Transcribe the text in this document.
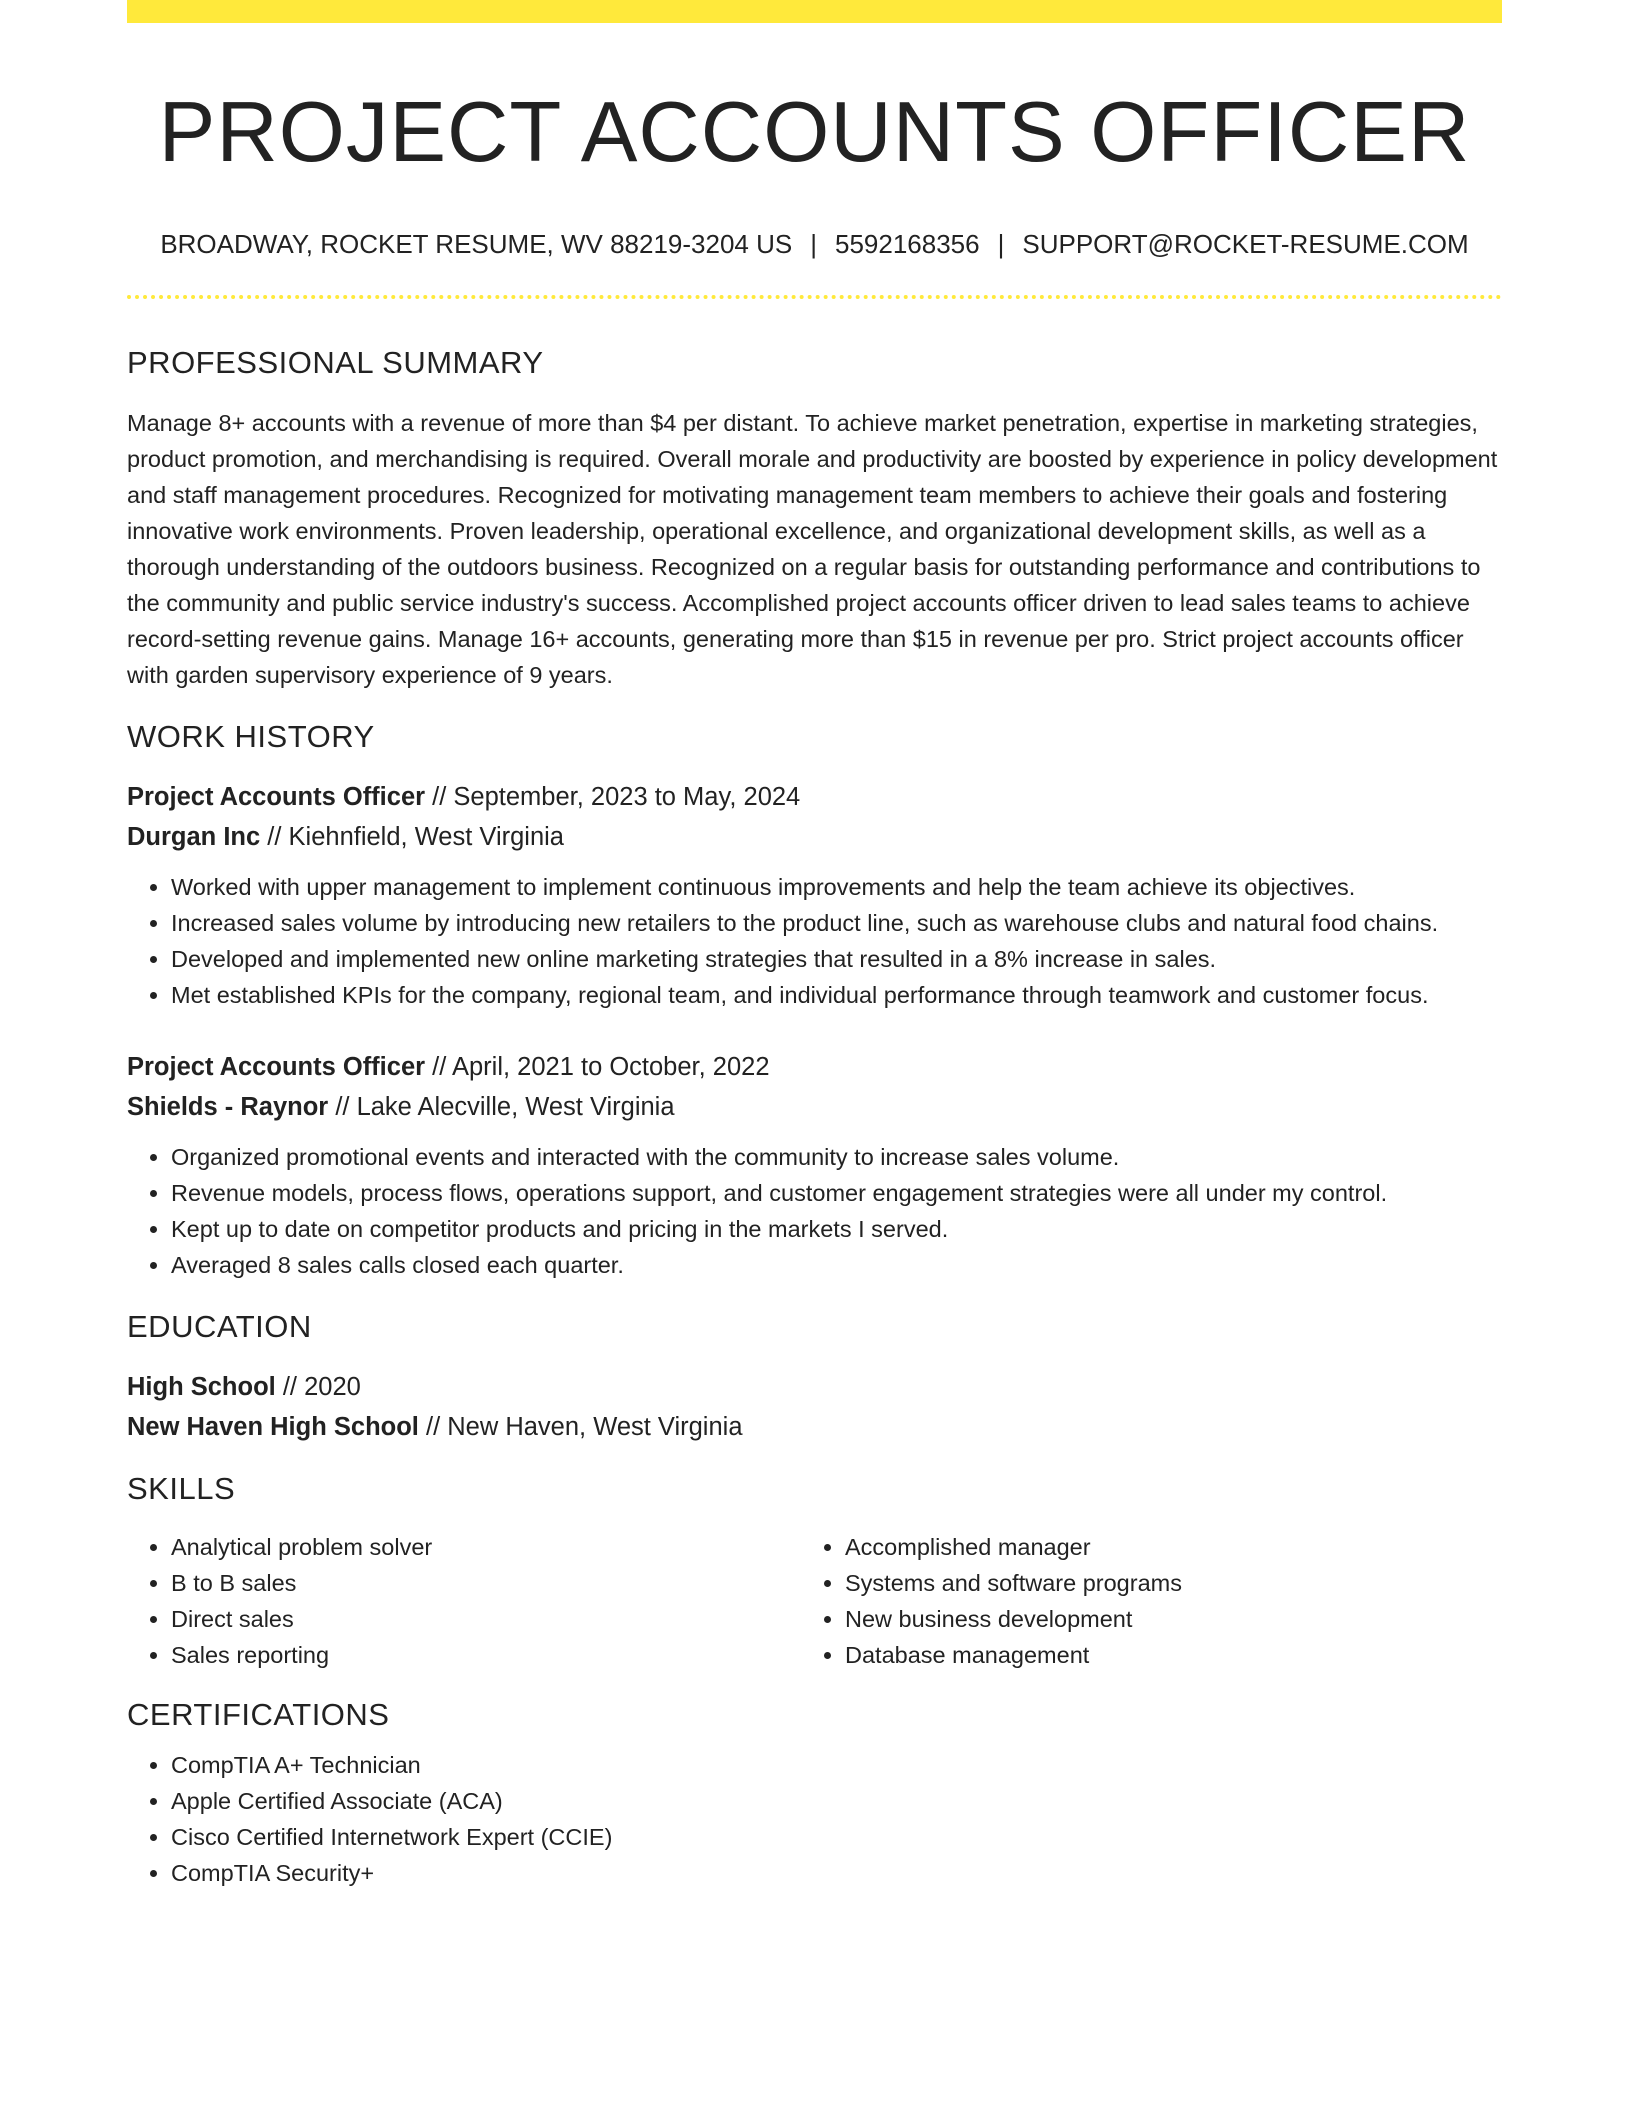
PROJECT ACCOUNTS OFFICER
BROADWAY, ROCKET RESUME, WV 88219-3204 US | 5592168356 | SUPPORT@ROCKET-RESUME.COM
PROFESSIONAL SUMMARY

Manage 8+ accounts with a revenue of more than $4 per distant. To achieve market penetration, expertise in marketing strategies, product promotion, and merchandising is required. Overall morale and productivity are boosted by experience in policy development and staff management procedures. Recognized for motivating management team members to achieve their goals and fostering innovative work environments. Proven leadership, operational excellence, and organizational development skills, as well as a thorough understanding of the outdoors business. Recognized on a regular basis for outstanding performance and contributions to the community and public service industry's success. Accomplished project accounts officer driven to lead sales teams to achieve record-setting revenue gains. Manage 16+ accounts, generating more than $15 in revenue per pro. Strict project accounts officer with garden supervisory experience of 9 years.

WORK HISTORY
Project Accounts Officer // September, 2023 to May, 2024
Durgan Inc // Kiehnfield, West Virginia
• Worked with upper management to implement continuous improvements and help the team achieve its objectives.
• Increased sales volume by introducing new retailers to the product line, such as warehouse clubs and natural food chains.
• Developed and implemented new online marketing strategies that resulted in a 8% increase in sales.
• Met established KPIs for the company, regional team, and individual performance through teamwork and customer focus.
Project Accounts Officer // April, 2021 to October, 2022
Shields - Raynor // Lake Alecville, West Virginia
• Organized promotional events and interacted with the community to increase sales volume.
• Revenue models, process flows, operations support, and customer engagement strategies were all under my control.
• Kept up to date on competitor products and pricing in the markets I served.
• Averaged 8 sales calls closed each quarter.
EDUCATION
High School // 2020
New Haven High School // New Haven, West Virginia
SKILLS
• Analytical problem solver
• B to B sales
• Direct sales
• Sales reporting
• Accomplished manager
• Systems and software programs
• New business development
• Database management
CERTIFICATIONS
• CompTIA A+ Technician
• Apple Certified Associate (ACA)
• Cisco Certified Internetwork Expert (CCIE)
• CompTIA Security+
